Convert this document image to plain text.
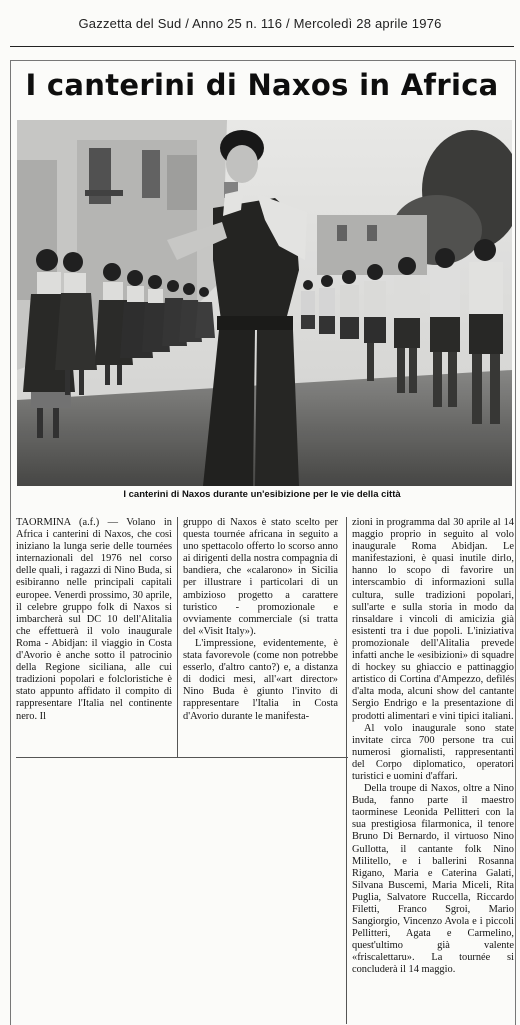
Gazzetta del Sud / Anno 25 n. 116 / Mercoledì 28 aprile 1976
I canterini di Naxos in Africa
I canterini di Naxos durante un'esibizione per le vie della città

TAORMINA (a.f.) — Volano in Africa i canterini di Naxos, che così iniziano la lunga serie delle tournées internazionali del 1976 nel corso delle quali, i ragazzi di Nino Buda, si esibiranno nelle principali capitali europee. Venerdì prossimo, 30 aprile, il celebre gruppo folk di Naxos si imbarcherà sul DC 10 dell'Alitalia che effettuerà il volo inaugurale Roma - Abidjan: il viaggio in Costa d'Avorio è anche sotto il patrocinio della Regione siciliana, alle cui tradizioni popolari e folcloristiche è stato appunto affidato il compito di rappresentare l'Italia nel continente nero. Il

gruppo di Naxos è stato scelto per questa tournée africana in seguito a uno spettacolo offerto lo scorso anno ai dirigenti della nostra compagnia di bandiera, che «calarono» in Sicilia per illustrare i particolari di un ambizioso progetto a carattere turistico - promozionale e ovviamente commerciale (si tratta del «Visit Italy»).

L'impressione, evidentemente, è stata favorevole (come non potrebbe esserlo, d'altro canto?) e, a distanza di dodici mesi, all'«art director» Nino Buda è giunto l'invito di rappresentare l'Italia in Costa d'Avorio durante le manifesta-

zioni in programma dal 30 aprile al 14 maggio proprio in seguito al volo inaugurale Roma Abidjan. Le manifestazioni, è quasi inutile dirlo, hanno lo scopo di favorire un interscambio di informazioni sulla cultura, sulle tradizioni popolari, sull'arte e sulla storia in modo da rinsaldare i vincoli di amicizia già esistenti tra i due popoli. L'iniziativa promozionale dell'Alitalia prevede infatti anche le «esibizioni» di squadre di hockey su ghiaccio e pattinaggio artistico di Cortina d'Ampezzo, defilés d'alta moda, alcuni show del cantante Sergio Endrigo e la presentazione di prodotti alimentari e vini tipici italiani.

Al volo inaugurale sono state invitate circa 700 persone tra cui numerosi giornalisti, rappresentanti del Corpo diplomatico, operatori turistici e uomini d'affari.

Della troupe di Naxos, oltre a Nino Buda, fanno parte il maestro taorminese Leonida Pellitteri con la sua prestigiosa filarmonica, il tenore Bruno Di Bernardo, il virtuoso Nino Gullotta, il cantante folk Nino Militello, e i ballerini Rosanna Rigano, Maria e Caterina Galati, Silvana Buscemi, Maria Miceli, Rita Puglia, Salvatore Ruccella, Riccardo Filetti, Franco Sgroi, Mario Sangiorgio, Vincenzo Avola e i piccoli Pellitteri, Agata e Carmelino, quest'ultimo già valente «friscalettaru». La tournée si concluderà il 14 maggio.
